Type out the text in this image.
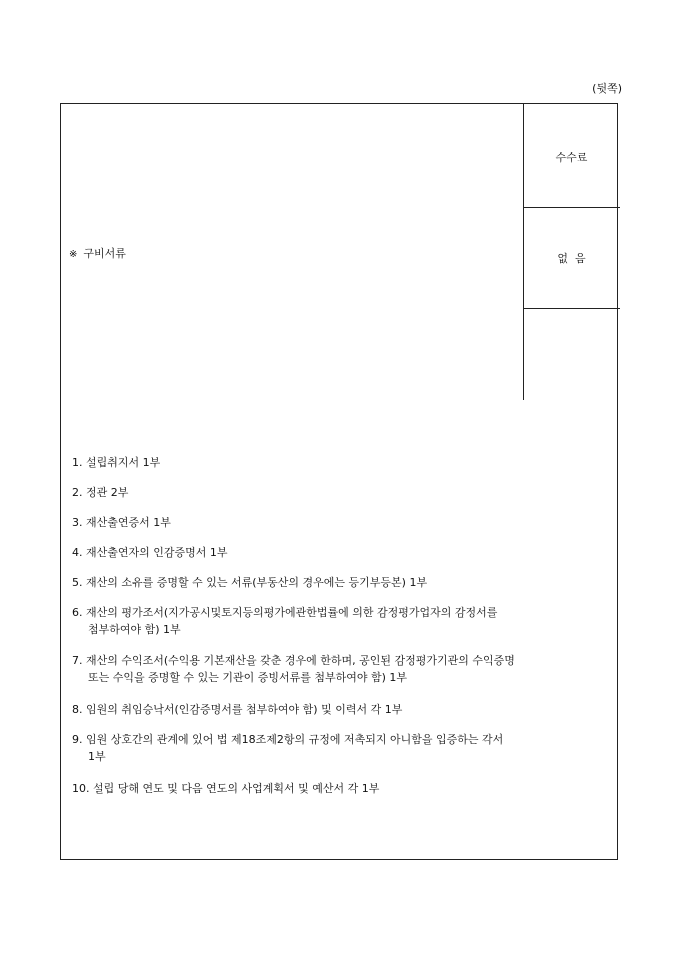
(뒷쪽)
※ 구비서류
수수료
없  음
1. 설립취지서 1부
2. 정관 2부
3. 재산출연증서 1부
4. 재산출연자의 인감증명서 1부
5. 재산의 소유를 증명할 수 있는 서류(부동산의 경우에는 등기부등본) 1부
6. 재산의 평가조서(지가공시및토지등의평가에관한법률에 의한 감정평가업자의 감정서를
첨부하여야 함) 1부
7. 재산의 수익조서(수익용 기본재산을 갖춘 경우에 한하며, 공인된 감정평가기관의 수익증명
또는 수익을 증명할 수 있는 기관이 증빙서류를 첨부하여야 함) 1부
8. 임원의 취임승낙서(인감증명서를 첨부하여야 함) 및 이력서 각 1부
9. 임원 상호간의 관계에 있어 법 제18조제2항의 규정에 저촉되지 아니함을 입증하는 각서
1부
10. 설립 당해 연도 및 다음 연도의 사업계획서 및 예산서 각 1부
